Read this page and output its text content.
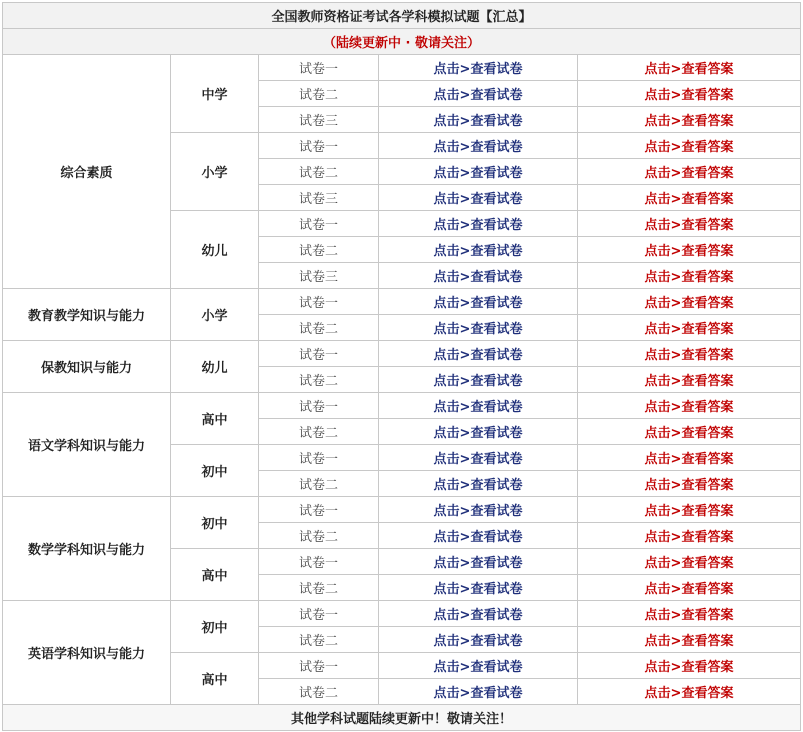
全国教师资格证考试各学科模拟试题【汇总】				
（陆续更新中 · 敬请关注）				
综合素质	中学	试卷一	点击>查看试卷	点击>查看答案
		试卷二	点击>查看试卷	点击>查看答案
		试卷三	点击>查看试卷	点击>查看答案
	小学	试卷一	点击>查看试卷	点击>查看答案
		试卷二	点击>查看试卷	点击>查看答案
		试卷三	点击>查看试卷	点击>查看答案
	幼儿	试卷一	点击>查看试卷	点击>查看答案
		试卷二	点击>查看试卷	点击>查看答案
		试卷三	点击>查看试卷	点击>查看答案
教育教学知识与能力	小学	试卷一	点击>查看试卷	点击>查看答案
		试卷二	点击>查看试卷	点击>查看答案
保教知识与能力	幼儿	试卷一	点击>查看试卷	点击>查看答案
		试卷二	点击>查看试卷	点击>查看答案
语文学科知识与能力	高中	试卷一	点击>查看试卷	点击>查看答案
		试卷二	点击>查看试卷	点击>查看答案
	初中	试卷一	点击>查看试卷	点击>查看答案
		试卷二	点击>查看试卷	点击>查看答案
数学学科知识与能力	初中	试卷一	点击>查看试卷	点击>查看答案
		试卷二	点击>查看试卷	点击>查看答案
	高中	试卷一	点击>查看试卷	点击>查看答案
		试卷二	点击>查看试卷	点击>查看答案
英语学科知识与能力	初中	试卷一	点击>查看试卷	点击>查看答案
		试卷二	点击>查看试卷	点击>查看答案
	高中	试卷一	点击>查看试卷	点击>查看答案
		试卷二	点击>查看试卷	点击>查看答案
其他学科试题陆续更新中！敬请关注！				
